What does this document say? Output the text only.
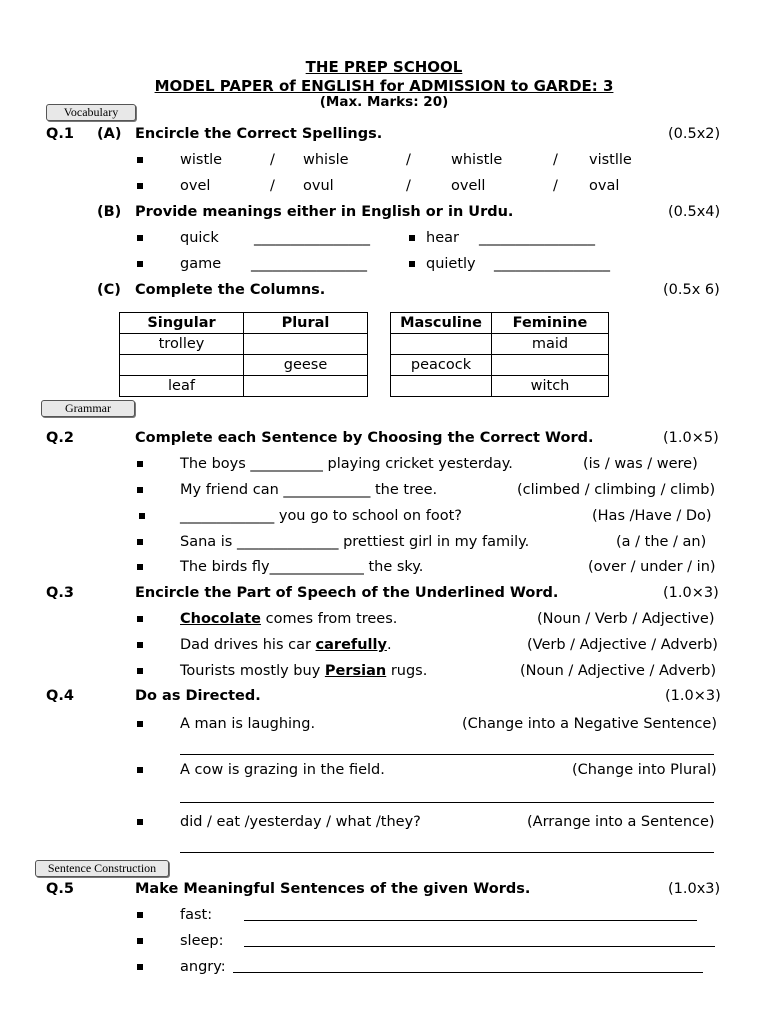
THE PREP SCHOOL
MODEL PAPER of ENGLISH for ADMISSION to GARDE: 3
(Max. Marks: 20)
Vocabulary
Q.1 (A) Encircle the Correct Spellings.	(0.5x2)
wistle	/ whisle	/	whistle	/ vistlle
ovel	/ ovul	/	ovell	/ oval
(B) Provide meanings either in English or in Urdu.	(0.5x4)
quick ________________	hear ________________
game ________________	quietly ________________
(C) Complete the Columns.	(0.5x 6)
Singular	Plural
trolley	
	geese
leaf	
Masculine	Feminine
	maid
peacock	
	witch
Grammar
Q.2	Complete each Sentence by Choosing the Correct Word.	(1.0×5)
The boys __________ playing cricket yesterday.	(is / was / were)
My friend can ____________ the tree.	(climbed / climbing / climb)
_____________ you go to school on foot?	(Has /Have / Do)
Sana is ______________ prettiest girl in my family.	(a / the / an)
The birds fly_____________ the sky.	(over / under / in)
Q.3	Encircle the Part of Speech of the Underlined Word.	(1.0×3)
Chocolate comes from trees.	(Noun / Verb / Adjective)
Dad drives his car carefully.	(Verb / Adjective / Adverb)
Tourists mostly buy Persian rugs.	(Noun / Adjective / Adverb)
Q.4	Do as Directed.	(1.0×3)
A man is laughing.	(Change into a Negative Sentence)
A cow is grazing in the field.	(Change into Plural)
did / eat /yesterday / what /they?	(Arrange into a Sentence)
Sentence Construction
Q.5	Make Meaningful Sentences of the given Words.	(1.0x3)
fast:
sleep:
angry:
